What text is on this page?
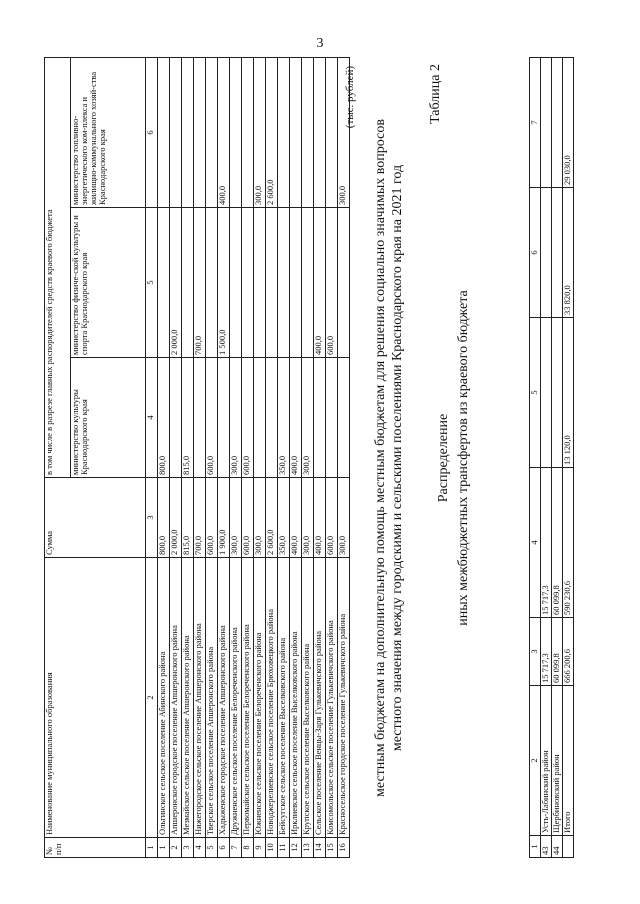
3
1	2	3	4	5	6	7
43	Усть-Лабинский район	15 717,3	15 717,3			
44	Щербиновский район	60 099,8	60 099,8			
	Итого	666 200,6	590 230,6	13 120,0	33 820,0	29 030,0
Таблица 2
Распределение иных межбюджетных трансфертов из краевого бюджета
№ п/п	Наименование муниципального образования	Сумма	в том числе в разрезе главных распорядителей средств краевого бюджета		
			министерство культуры Краснодарского края	министерство физиче-ской культуры и спорта Краснодарского края	министерство топливно-энергетического ком-плекса и жилищно-коммунального хозяй-ства Краснодарского края
1	2	3	4	5	6
1	Ольгинское сельское поселение Абинского района	800,0	800,0		
2	Апшеронское городское поселение Апшеронского района	2 000,0		2 000,0	
3	Мезмайское сельское поселение Апшеронского района	815,0	815,0		
4	Нижегородское сельское поселение Апшеронского района	700,0		700,0	
5	Тверское сельское поселение Апшеронского района	600,0	600,0		
6	Хадыженское городское поселение Апшеронского района	1 900,0		1 500,0	400,0
7	Дружненское сельское поселение Белореченского района	300,0	300,0		
8	Первомайское сельское поселение Белореченского района	600,0	600,0		
9	Южненское сельское поселение Белореченского района	300,0			300,0
10	Новоджерелиевское сельское поселение Брюховецкого района	2 600,0			2 600,0
11	Бейсугское сельское поселение Выселковского района	350,0	350,0		
12	Ирклиевское сельское поселение Выселковского района	400,0	400,0		
13	Крупское сельское поселение Выселковского района	300,0	300,0		
14	Сельское поселение Венцы-Заря Гулькевичского района	400,0		400,0	
15	Комсомольское сельское поселение Гулькевичского района	600,0		600,0	
16	Красносельское городское поселение Гулькевичского района	300,0			300,0 местным бюджетам на дополнительную помощь местным бюджетам для решения социально значимых вопросов местного значения между городскими и сельскими поселениями Краснодарского края на 2021 год
(тыс. рублей)
